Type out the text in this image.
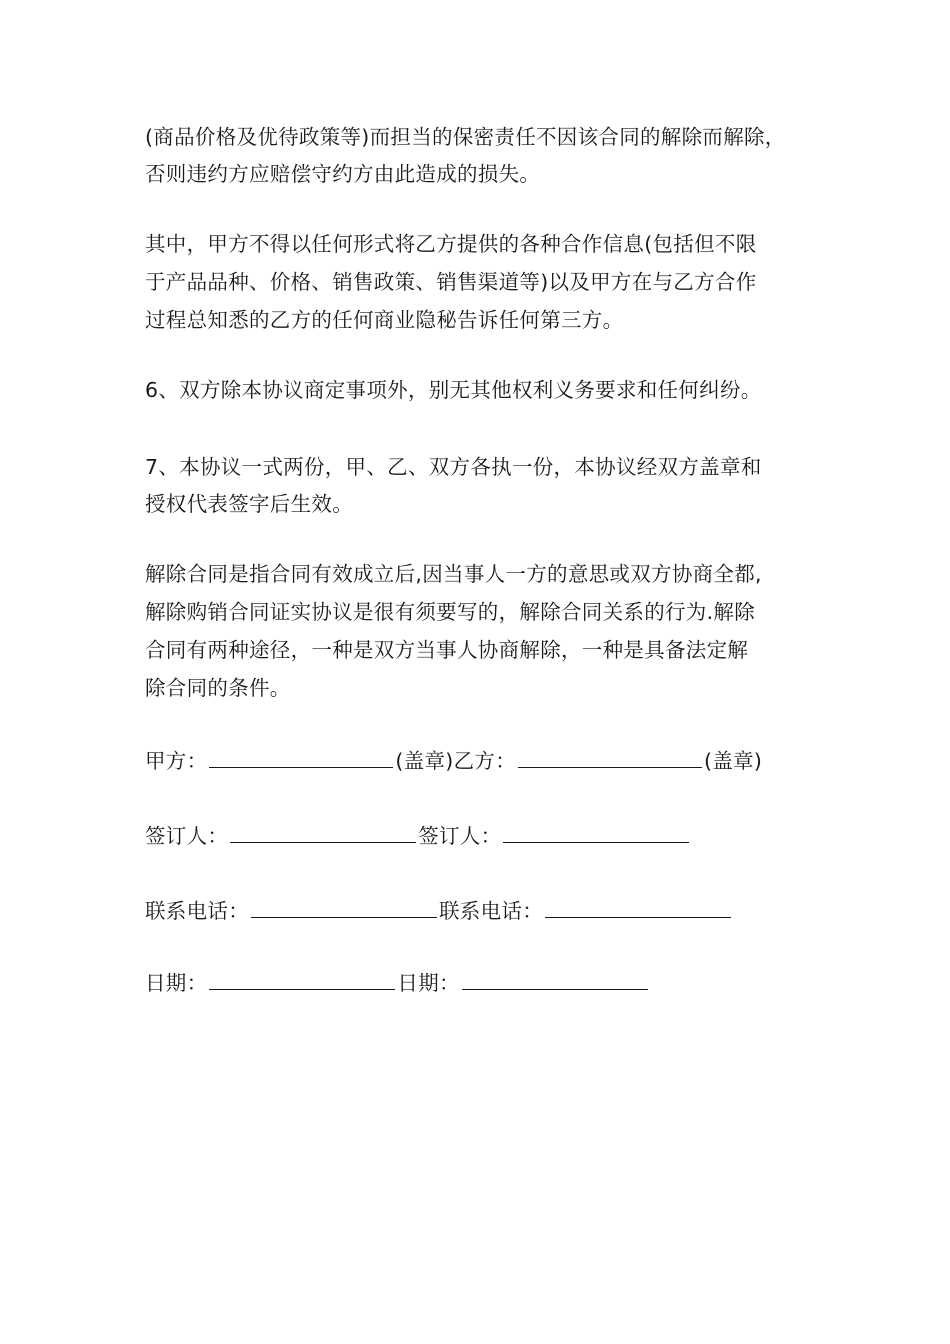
(商品价格及优待政策等)而担当的保密责任不因该合同的解除而解除，
否则违约方应赔偿守约方由此造成的损失。
其中，甲方不得以任何形式将乙方提供的各种合作信息(包括但不限
于产品品种、价格、销售政策、销售渠道等)以及甲方在与乙方合作
过程总知悉的乙方的任何商业隐秘告诉任何第三方。
6、双方除本协议商定事项外，别无其他权利义务要求和任何纠纷。
7、本协议一式两份，甲、乙、双方各执一份，本协议经双方盖章和
授权代表签字后生效。
解除合同是指合同有效成立后,因当事人一方的意思或双方协商全都,
解除购销合同证实协议是很有须要写的，解除合同关系的行为.解除
合同有两种途径，一种是双方当事人协商解除，一种是具备法定解
除合同的条件。
甲方：	(盖章)乙方：	(盖章)
签订人：	签订人：
联系电话：	联系电话：
日期：	日期：
